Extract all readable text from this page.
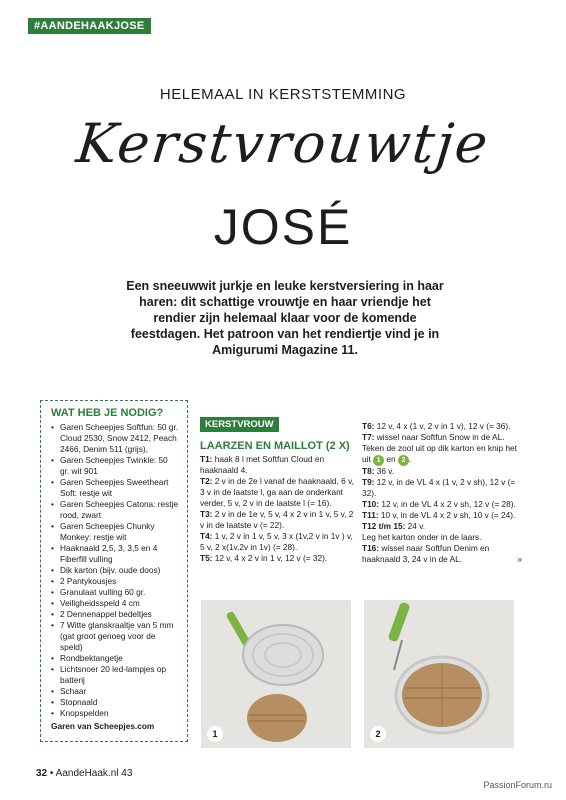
#AANDEHAAKJOSE
HELEMAAL IN KERSTSTEMMING
Kerstvrouwtje
JOSÉ
Een sneeuwwit jurkje en leuke kerstversiering in haar haren: dit schattige vrouwtje en haar vriendje het rendier zijn helemaal klaar voor de komende feestdagen. Het patroon van het rendiertje vind je in Amigurumi Magazine 11.
WAT HEB JE NODIG?
• Garen Scheepjes Softfun: 50 gr. Cloud 2530, Snow 2412, Peach 2466, Denim 511 (grijs),
• Garen Scheepjes Twinkle: 50 gr. wit 901
• Garen Scheepjes Sweetheart Soft: restje wit
• Garen Scheepjes Catona: restje rood, zwart
• Garen Scheepjes Chunky Monkey: restje wit
• Haaknaald 2,5, 3, 3,5 en 4 Fiberfill vulling
• Dik karton (bijv. oude doos)
• 2 Pantykousjes
• Granulaat vulling 60 gr.
• Veiligheidsspeld 4 cm
• 2 Dennenappel bedeltjes
• 7 Witte glanskraaltje van 5 mm (gat groot genoeg voor de speld)
• Rondbektangetje
• Lichtsnoer 20 led-lampjes op batterij
• Schaar
• Stopnaald
• Knopspelden
Garen van Scheepjes.com
KERSTVROUW
LAARZEN EN MAILLOT (2 X)

T1: haak 8 l met Softfun Cloud en haaknaald 4.

T2: 2 v in de 2e l vanaf de haaknaald, 6 v, 3 v in de laatste l, ga aan de onderkant verder, 5 v, 2 v in de laatste l (= 16).

T3: 2 v in de 1e v, 5 v, 4 x 2 v in 1 v, 5 v, 2 v in de laatste v (= 22).

T4: 1 v, 2 v in 1 v, 5 v, 3 x (1v,2 v in 1v ) v, 5 v, 2 x(1v,2v in 1v) (= 28).

T5: 12 v, 4 x 2 v in 1 v, 12 v (= 32).

T6: 12 v, 4 x (1 v, 2 v in 1 v), 12 v (= 36).

T7: wissel naar Softfun Snow in de AL. Teken de zool uit op dik karton en knip het uit 1 en 2 .

T8: 36 v.

T9: 12 v, in de VL 4 x (1 v, 2 v sh), 12 v (= 32).

T10: 12 v, in de VL 4 x 2 v sh, 12 v (= 28).

T11: 10 v, in de VL 4 x 2 v sh, 10 v (= 24).

T12 t/m 15: 24 v.

Leg het karton onder in de laars.

T16: wissel naar Softfun Denim en haaknaald 3, 24 v in de AL.	»

1	2
32 • AandeHaak.nl 43
PassionForum.ru
